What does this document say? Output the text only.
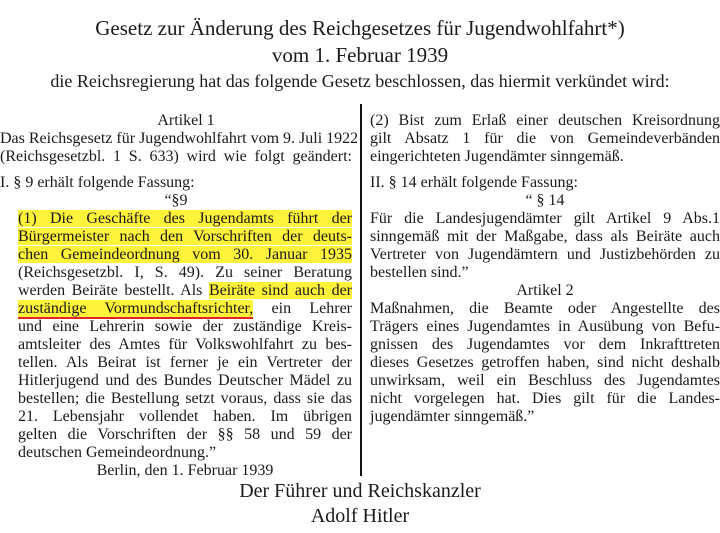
Gesetz zur Änderung des Reichgesetzes für Jugendwohlfahrt*)
vom 1. Februar 1939
die Reichsregierung hat das folgende Gesetz beschlossen, das hiermit verkündet wird:
Artikel 1
Das Reichsgesetz für Jugendwohlfahrt vom 9. Juli 1922
(Reichsgesetzbl. 1 S. 633) wird wie folgt geändert:
I. § 9 erhält folgende Fassung:
“§9
(1) Die Geschäfte des Jugendamts führt der
Bürgermeister nach den Vorschriften der deuts-
chen Gemeindeordnung vom 30. Januar 1935
(Reichsgesetzbl. I, S. 49). Zu seiner Beratung
werden Beiräte bestellt. Als Beiräte sind auch der
zuständige Vormundschaftsrichter, ein Lehrer
und eine Lehrerin sowie der zuständige Kreis-
amtsleiter des Amtes für Volkswohlfahrt zu bes-
tellen. Als Beirat ist ferner je ein Vertreter der
Hitlerjugend und des Bundes Deutscher Mädel zu
bestellen; die Bestellung setzt voraus, dass sie das
21. Lebensjahr vollendet haben. Im übrigen
gelten die Vorschriften der §§ 58 und 59 der
deutschen Gemeindeordnung.”
Berlin, den 1. Februar 1939
(2) Bist zum Erlaß einer deutschen Kreisordnung
gilt Absatz 1 für die von Gemeindeverbänden
eingerichteten Jugendämter sinngemäß.
II. § 14 erhält folgende Fassung:
“ § 14
Für die Landesjugendämter gilt Artikel 9 Abs.1
sinngemäß mit der Maßgabe, dass als Beiräte auch
Vertreter von Jugendämtern und Justizbehörden zu
bestellen sind.”
Artikel 2
Maßnahmen, die Beamte oder Angestellte des
Trägers eines Jugendamtes in Ausübung von Befu-
gnissen des Jugendamtes vor dem Inkrafttreten
dieses Gesetzes getroffen haben, sind nicht deshalb
unwirksam, weil ein Beschluss des Jugendamtes
nicht vorgelegen hat. Dies gilt für die Landes-
jugendämter sinngemäß.”
Der Führer und Reichskanzler
Adolf Hitler
